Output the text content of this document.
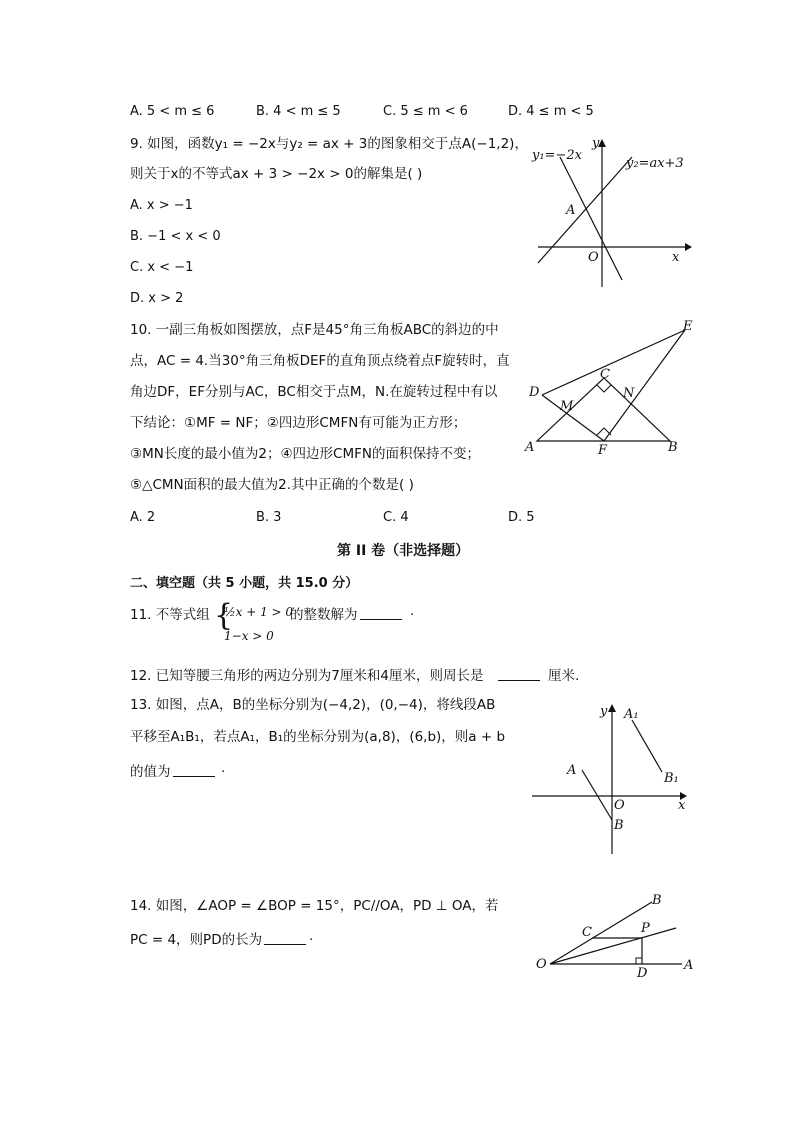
A. 5 < m ≤ 6	B. 4 < m ≤ 5	C. 5 ≤ m < 6	D. 4 ≤ m < 5
9. 如图，函数y₁ = −2x与y₂ = ax + 3的图象相交于点A(−1,2)，
则关于x的不等式ax + 3 > −2x > 0的解集是( )
A. x > −1
B. −1 < x < 0
C. x < −1
D. x > 2
y₁=−2x
y₂=ax+3
y
x
O
A
10. 一副三角板如图摆放，点F是45°角三角板ABC的斜边的中
点，AC = 4.当30°角三角板DEF的直角顶点绕着点F旋转时，直
角边DF，EF分别与AC，BC相交于点M，N.在旋转过程中有以
下结论：①MF = NF；②四边形CMFN有可能为正方形；
③MN长度的最小值为2；④四边形CMFN的面积保持不变；
⑤△CMN面积的最大值为2.其中正确的个数是( )
A. 2	B. 3	C. 4	D. 5
E
D
C
N
M
A	F	B
第 II 卷（非选择题）
二、填空题（共 5 小题，共 15.0 分）
11. 不等式组 {
½x + 1 > 0
1−x > 0
的整数解为	.
12. 已知等腰三角形的两边分别为7厘米和4厘米，则周长是	厘米.
13. 如图，点A，B的坐标分别为(−4,2)，(0,−4)，将线段AB
平移至A₁B₁，若点A₁，B₁的坐标分别为(a,8)，(6,b)，则a + b
的值为	.
y
x
O
A
B
A₁
B₁
14. 如图，∠AOP = ∠BOP = 15°，PC//OA，PD ⊥ OA，若
PC = 4，则PD的长为	.
B
C	P
O
D
A
